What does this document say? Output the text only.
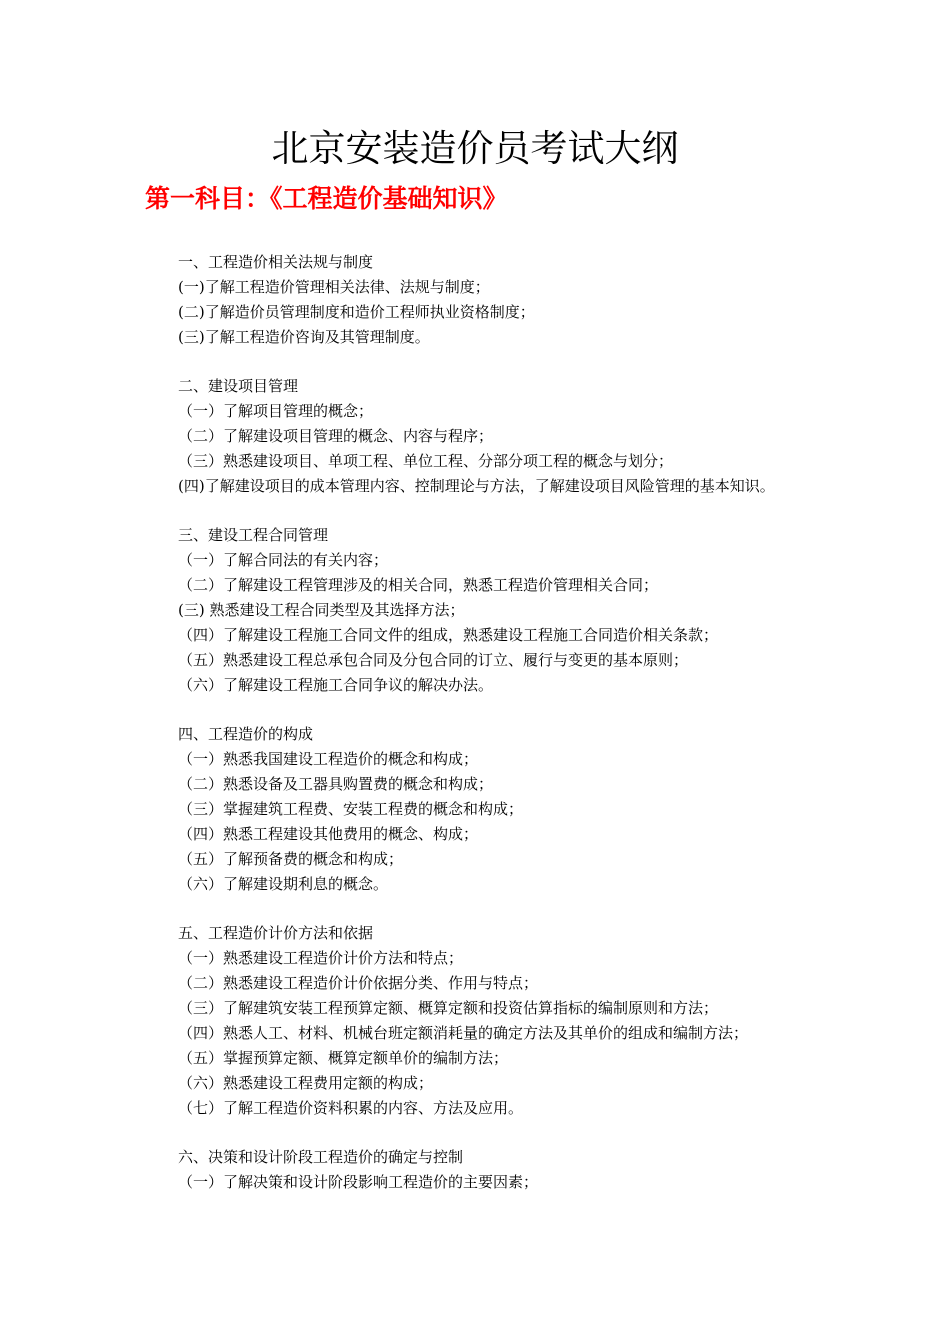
北京安装造价员考试大纲
第一科目：《工程造价基础知识》
一、工程造价相关法规与制度
(一)了解工程造价管理相关法律、法规与制度；
(二)了解造价员管理制度和造价工程师执业资格制度；
(三)了解工程造价咨询及其管理制度。
二、建设项目管理
（一）了解项目管理的概念；
（二）了解建设项目管理的概念、内容与程序；
（三）熟悉建设项目、单项工程、单位工程、分部分项工程的概念与划分；
(四)了解建设项目的成本管理内容、控制理论与方法，了解建设项目风险管理的基本知识。
三、建设工程合同管理
（一）了解合同法的有关内容；
（二）了解建设工程管理涉及的相关合同，熟悉工程造价管理相关合同；
(三) 熟悉建设工程合同类型及其选择方法；
（四）了解建设工程施工合同文件的组成，熟悉建设工程施工合同造价相关条款；
（五）熟悉建设工程总承包合同及分包合同的订立、履行与变更的基本原则；
（六）了解建设工程施工合同争议的解决办法。
四、工程造价的构成
（一）熟悉我国建设工程造价的概念和构成；
（二）熟悉设备及工器具购置费的概念和构成；
（三）掌握建筑工程费、安装工程费的概念和构成；
（四）熟悉工程建设其他费用的概念、构成；
（五）了解预备费的概念和构成；
（六）了解建设期利息的概念。
五、工程造价计价方法和依据
（一）熟悉建设工程造价计价方法和特点；
（二）熟悉建设工程造价计价依据分类、作用与特点；
（三）了解建筑安装工程预算定额、概算定额和投资估算指标的编制原则和方法；
（四）熟悉人工、材料、机械台班定额消耗量的确定方法及其单价的组成和编制方法；
（五）掌握预算定额、概算定额单价的编制方法；
（六）熟悉建设工程费用定额的构成；
（七）了解工程造价资料积累的内容、方法及应用。
六、决策和设计阶段工程造价的确定与控制
（一）了解决策和设计阶段影响工程造价的主要因素；
